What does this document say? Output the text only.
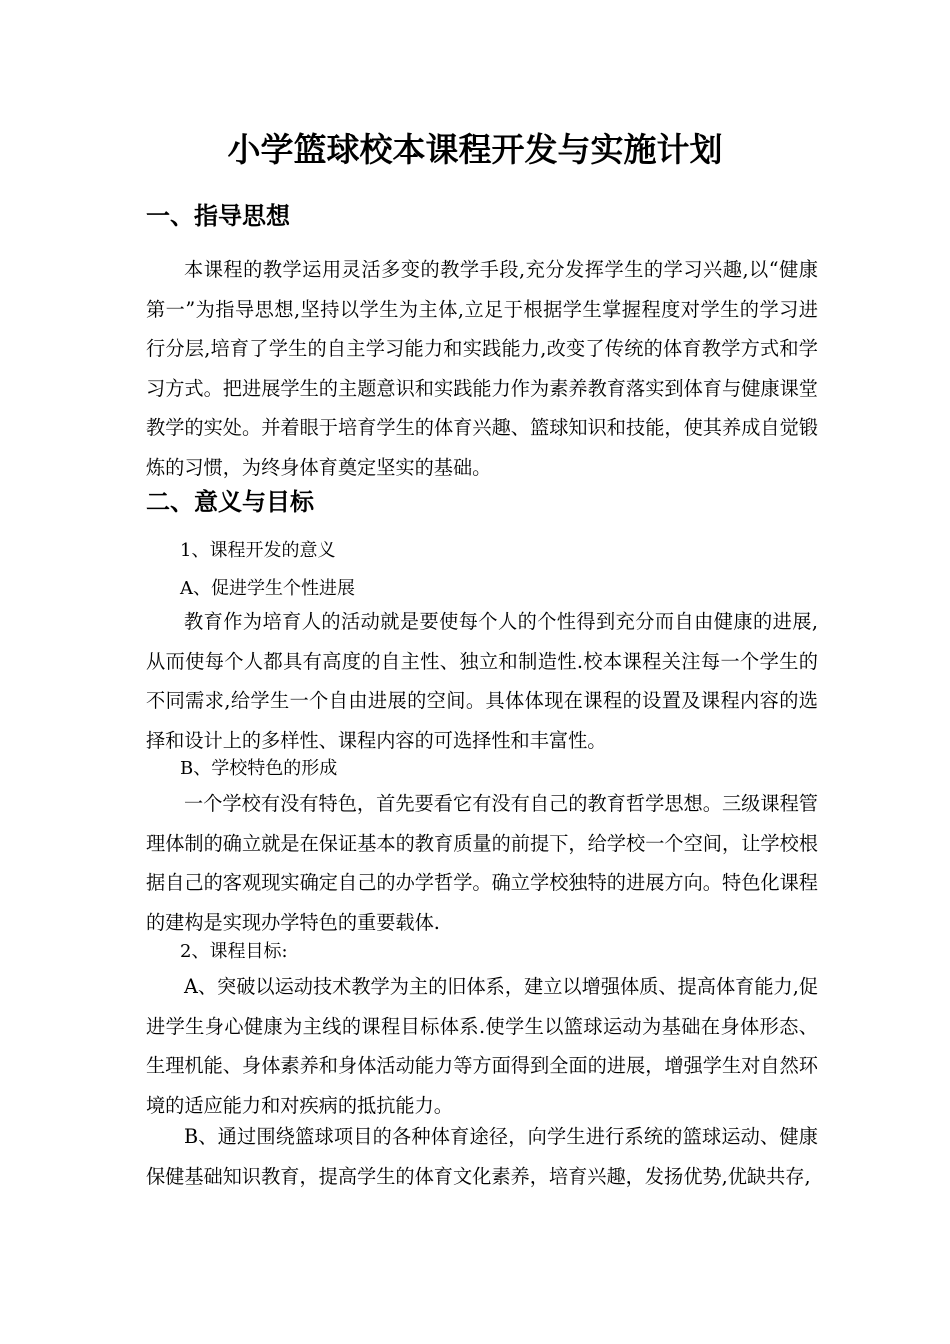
小学篮球校本课程开发与实施计划
一、指导思想

本课程的教学运用灵活多变的教学手段,充分发挥学生的学习兴趣,以“健康第一”为指导思想,坚持以学生为主体,立足于根据学生掌握程度对学生的学习进行分层,培育了学生的自主学习能力和实践能力,改变了传统的体育教学方式和学习方式。把进展学生的主题意识和实践能力作为素养教育落实到体育与健康课堂教学的实处。并着眼于培育学生的体育兴趣、篮球知识和技能，使其养成自觉锻炼的习惯，为终身体育奠定坚实的基础。

二、意义与目标
1、课程开发的意义
A、促进学生个性进展

教育作为培育人的活动就是要使每个人的个性得到充分而自由健康的进展,从而使每个人都具有高度的自主性、独立和制造性.校本课程关注每一个学生的不同需求,给学生一个自由进展的空间。具体体现在课程的设置及课程内容的选择和设计上的多样性、课程内容的可选择性和丰富性。

B、学校特色的形成

一个学校有没有特色，首先要看它有没有自己的教育哲学思想。三级课程管理体制的确立就是在保证基本的教育质量的前提下，给学校一个空间，让学校根据自己的客观现实确定自己的办学哲学。确立学校独特的进展方向。特色化课程的建构是实现办学特色的重要载体.

2、课程目标:

A、突破以运动技术教学为主的旧体系，建立以增强体质、提高体育能力,促进学生身心健康为主线的课程目标体系.使学生以篮球运动为基础在身体形态、生理机能、身体素养和身体活动能力等方面得到全面的进展，增强学生对自然环境的适应能力和对疾病的抵抗能力。

B、通过围绕篮球项目的各种体育途径，向学生进行系统的篮球运动、健康保健基础知识教育，提高学生的体育文化素养，培育兴趣，发扬优势,优缺共存,
